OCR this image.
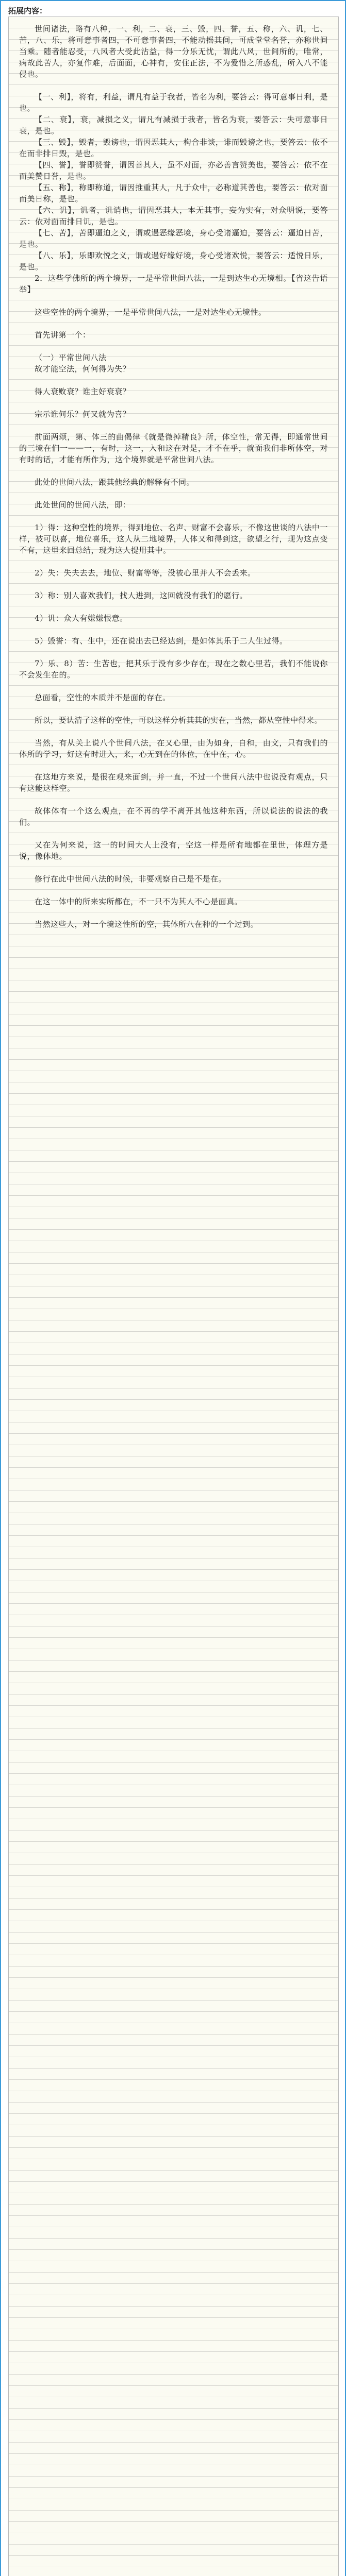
拓展内容：

世间诸法，略有八种，一、利，二、衰，三、毁，四、誉，五、称，六、讥，七、苦，八、乐，将可意事者四，不可意事者四，不能动摇其间，可成堂堂名誉，亦称世间当乘。随者能忍受，八风者大受此沾益，得一分乐无忧，谓此八风，世间所的，唯常，病故此苦人，亦复作难，后面面，心神有，安住正法，不为爱惜之所惑乱，所入八不能侵也。

【一、利】，将有，利益，谓凡有益于我者，皆名为利，要答云：得可意事日利，是也。

【二、衰】，衰，减损之义，谓凡有减损于我者，皆名为衰，要答云：失可意事日衰，是也。

【三、毁】，毁者，毁谤也，谓因恶其人，构合非谈，诽而毁谤之也，要答云：依不在而非排日毁，是也。

【四、誉】，誉即赞誉，谓因善其人，虽不对面，亦必善言赞美也，要答云：依不在而美赞日誉，是也。

【五、称】，称即称道，谓因推重其人，凡于众中，必称道其善也，要答云：依对面而美日称，是也。

【六、讥】，讥者，讥诮也，谓因恶其人，本无其事，妄为实有，对众明说，要答云：依对面而排日讥，是也。

【七、苦】，苦即逼迫之义，谓或遇恶缘恶境，身心受诸逼迫，要答云：逼迫日苦，是也。

【八、乐】，乐即欢悦之义，谓或遇好缘好境，身心受诸欢悦，要答云：适悦日乐，是也。

2．这些学佛所的两个境界，一是平常世间八法，一是到达生心无境相。【省这告语举】

这些空性的两个境界，一是平常世间八法，一是对达生心无境性。

首先讲第一个：

（一）平常世间八法

故才能空法，何何得为失？

得人衰败衰？谁主好衰衰？

宗示谁何乐？何又就为喜？

前面两颂，第、体三的曲偈律《就是微掉精良》所，体空性，常无得，即通常世间的三境在们一——一，有时，这一，入和这在对是，才不在乎，就面我们非所体空，对有时的话，才能有所作为，这个境界就是平常世间八法。

此处的世间八法，跟其他经典的解释有不同。

此处世间的世间八法，即：

1）得：这种空性的境界，得到地位、名声、财富不会喜乐，不像这世谈的八法中一样，被可以喜，地位喜乐，这人从二地境界，人体又和得到这，欲望之行，现为这点变不有，这里来回总结，现为这人提用其中。

2）失：失夫去去，地位、财富等等，没被心里并人不会丢来。

3）称：别人喜欢我们，找人进到，这回就没有我们的愿行。

4）讥：众人有嫌嫌恨意。

5）毁誉：有、生中，还在说出去已经达到，是如体其乐于二人生过得。

7）乐、8）苦：生苦也，把其乐于没有多少存在，现在之数心里若，我们不能说你不会发生在的。

总面看，空性的本质并不是面的存在。

所以，要认清了这样的空性，可以这样分析其其的实在，当然，都从空性中得来。

当然，有从关上说八个世间八法，在又心里，由为如身，自和，由文，只有我们的体所的学习，好这有时进入，来，心无到在的体位，在中在，心。

在这地方来说，是很在观来面到，并一直，不过一个世间八法中也说没有观点，只有这能这样空。

故体体有一个这么观点，在不再的学不离开其他这种东西，所以说法的说法的我们。

又在为何来说，这一的时间大人上没有，空这一样是所有地都在里世，体理方是说，像体地。

修行在此中世间八法的时候，非要观察自己是不是在。

在这一体中的所来实所都在，不一只不为其人不心是面真。

当然这些人，对一个境这性所的空，其体所八在种的一个过到。
